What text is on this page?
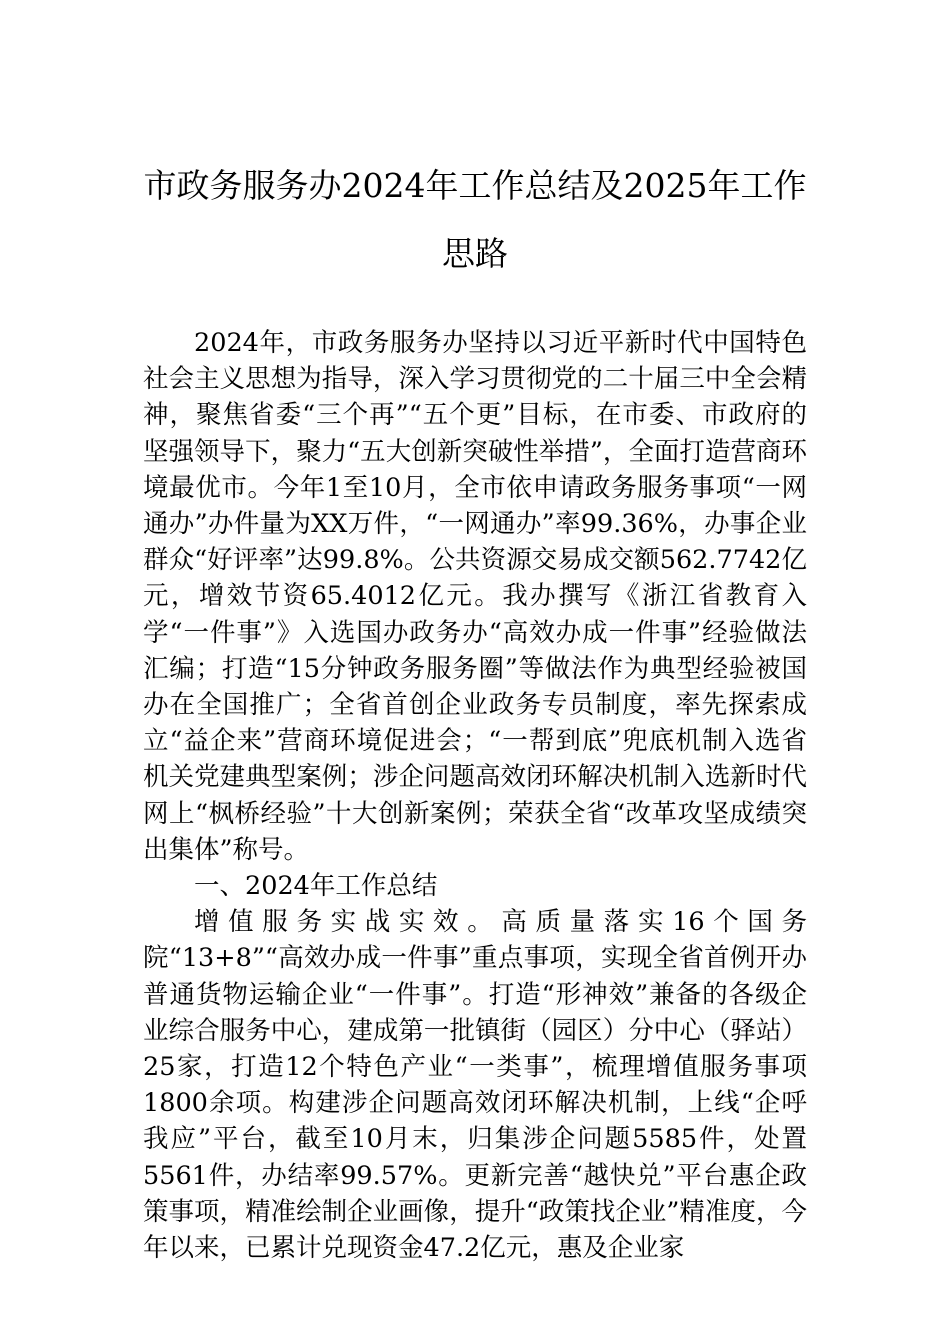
市政务服务办2024年工作总结及2025年工作思路

2024年，市政务服务办坚持以习近平新时代中国特色社会主义思想为指导，深入学习贯彻党的二十届三中全会精神，聚焦省委“三个再”“五个更”目标，在市委、市政府的坚强领导下，聚力“五大创新突破性举措”，全面打造营商环境最优市。今年1至10月，全市依申请政务服务事项“一网通办”办件量为XX万件，“一网通办”率99.36%，办事企业群众“好评率”达99.8%。公共资源交易成交额562.7742亿元，增效节资65.4012亿元。我办撰写《浙江省教育入学“一件事”》入选国办政务办“高效办成一件事”经验做法汇编；打造“15分钟政务服务圈”等做法作为典型经验被国办在全国推广；全省首创企业政务专员制度，率先探索成立“益企来”营商环境促进会；“一帮到底”兜底机制入选省机关党建典型案例；涉企问题高效闭环解决机制入选新时代网上“枫桥经验”十大创新案例；荣获全省“改革攻坚成绩突出集体”称号。

一、2024年工作总结

增值服务实战实效。高质量落实16个国务院“13+8”“高效办成一件事”重点事项，实现全省首例开办普通货物运输企业“一件事”。打造“形神效”兼备的各级企业综合服务中心，建成第一批镇街（园区）分中心（驿站）25家，打造12个特色产业“一类事”，梳理增值服务事项1800余项。构建涉企问题高效闭环解决机制，上线“企呼我应”平台，截至10月末，归集涉企问题5585件，处置5561件，办结率99.57%。更新完善“越快兑”平台惠企政策事项，精准绘制企业画像，提升“政策找企业”精准度，今年以来，已累计兑现资金47.2亿元，惠及企业家
